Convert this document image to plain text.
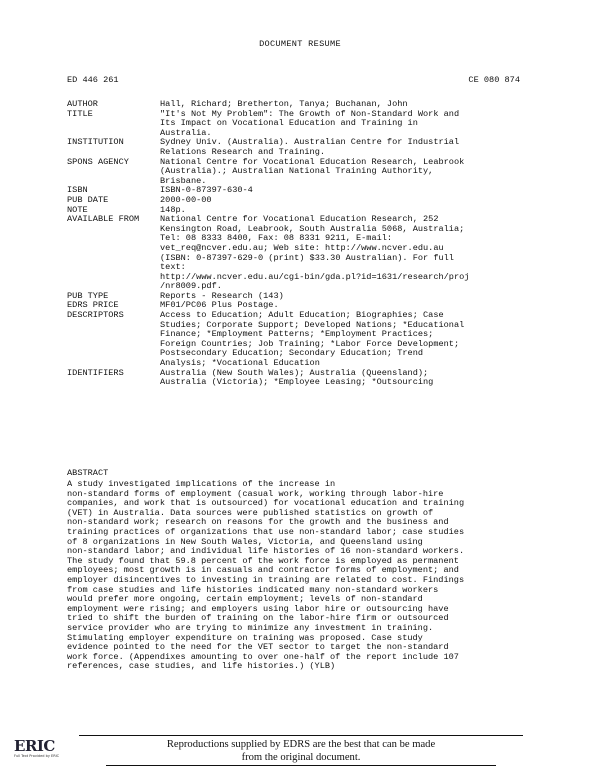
DOCUMENT RESUME
ED 446 261	CE 080 874
AUTHOR	Hall, Richard; Bretherton, Tanya; Buchanan, John
TITLE	"It's Not My Problem": The Growth of Non-Standard Work and
Its Impact on Vocational Education and Training in
Australia.
INSTITUTION	Sydney Univ. (Australia). Australian Centre for Industrial
Relations Research and Training.
SPONS AGENCY	National Centre for Vocational Education Research, Leabrook
(Australia).; Australian National Training Authority,
Brisbane.
ISBN	ISBN-0-87397-630-4
PUB DATE	2000-00-00
NOTE	148p.
AVAILABLE FROM	National Centre for Vocational Education Research, 252
Kensington Road, Leabrook, South Australia 5068, Australia;
Tel: 08 8333 8400, Fax: 08 8331 9211, E-mail:
vet_req@ncver.edu.au; Web site: http://www.ncver.edu.au
(ISBN: 0-87397-629-0 (print) $33.30 Australian). For full
text:
http://www.ncver.edu.au/cgi-bin/gda.pl?id=1631/research/proj
/nr8009.pdf.
PUB TYPE	Reports - Research (143)
EDRS PRICE	MF01/PC06 Plus Postage.
DESCRIPTORS	Access to Education; Adult Education; Biographies; Case
Studies; Corporate Support; Developed Nations; *Educational
Finance; *Employment Patterns; *Employment Practices;
Foreign Countries; Job Training; *Labor Force Development;
Postsecondary Education; Secondary Education; Trend
Analysis; *Vocational Education
IDENTIFIERS	Australia (New South Wales); Australia (Queensland);
Australia (Victoria); *Employee Leasing; *Outsourcing
ABSTRACT
A study investigated implications of the increase in
non-standard forms of employment (casual work, working through labor-hire
companies, and work that is outsourced) for vocational education and training
(VET) in Australia. Data sources were published statistics on growth of
non-standard work; research on reasons for the growth and the business and
training practices of organizations that use non-standard labor; case studies
of 8 organizations in New South Wales, Victoria, and Queensland using
non-standard labor; and individual life histories of 16 non-standard workers.
The study found that 59.8 percent of the work force is employed as permanent
employees; most growth is in casuals and contractor forms of employment; and
employer disincentives to investing in training are related to cost. Findings
from case studies and life histories indicated many non-standard workers
would prefer more ongoing, certain employment; levels of non-standard
employment were rising; and employers using labor hire or outsourcing have
tried to shift the burden of training on the labor-hire firm or outsourced
service provider who are trying to minimize any investment in training.
Stimulating employer expenditure on training was proposed. Case study
evidence pointed to the need for the VET sector to target the non-standard
work force. (Appendixes amounting to over one-half of the report include 107
references, case studies, and life histories.) (YLB)
ERIC
Full Text Provided by ERIC
Reproductions supplied by EDRS are the best that can be made
from the original document.
